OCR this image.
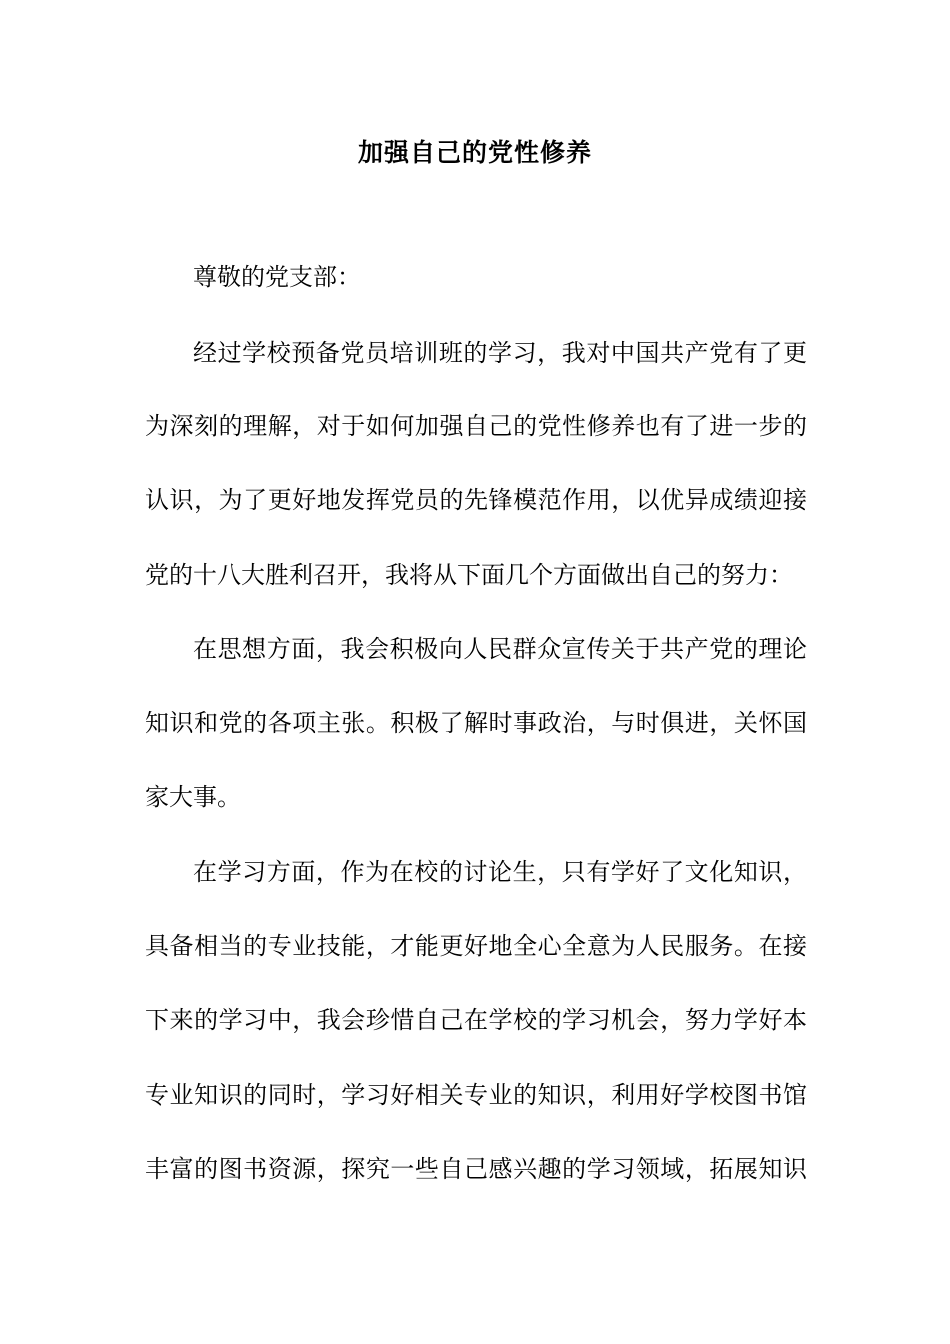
加强自己的党性修养
尊敬的党支部：
经过学校预备党员培训班的学习，我对中国共产党有了更
为深刻的理解，对于如何加强自己的党性修养也有了进一步的
认识，为了更好地发挥党员的先锋模范作用，以优异成绩迎接
党的十八大胜利召开，我将从下面几个方面做出自己的努力：
在思想方面，我会积极向人民群众宣传关于共产党的理论
知识和党的各项主张。积极了解时事政治，与时俱进，关怀国
家大事。
在学习方面，作为在校的讨论生，只有学好了文化知识，
具备相当的专业技能，才能更好地全心全意为人民服务。在接
下来的学习中，我会珍惜自己在学校的学习机会，努力学好本
专业知识的同时，学习好相关专业的知识，利用好学校图书馆
丰富的图书资源，探究一些自己感兴趣的学习领域，拓展知识
